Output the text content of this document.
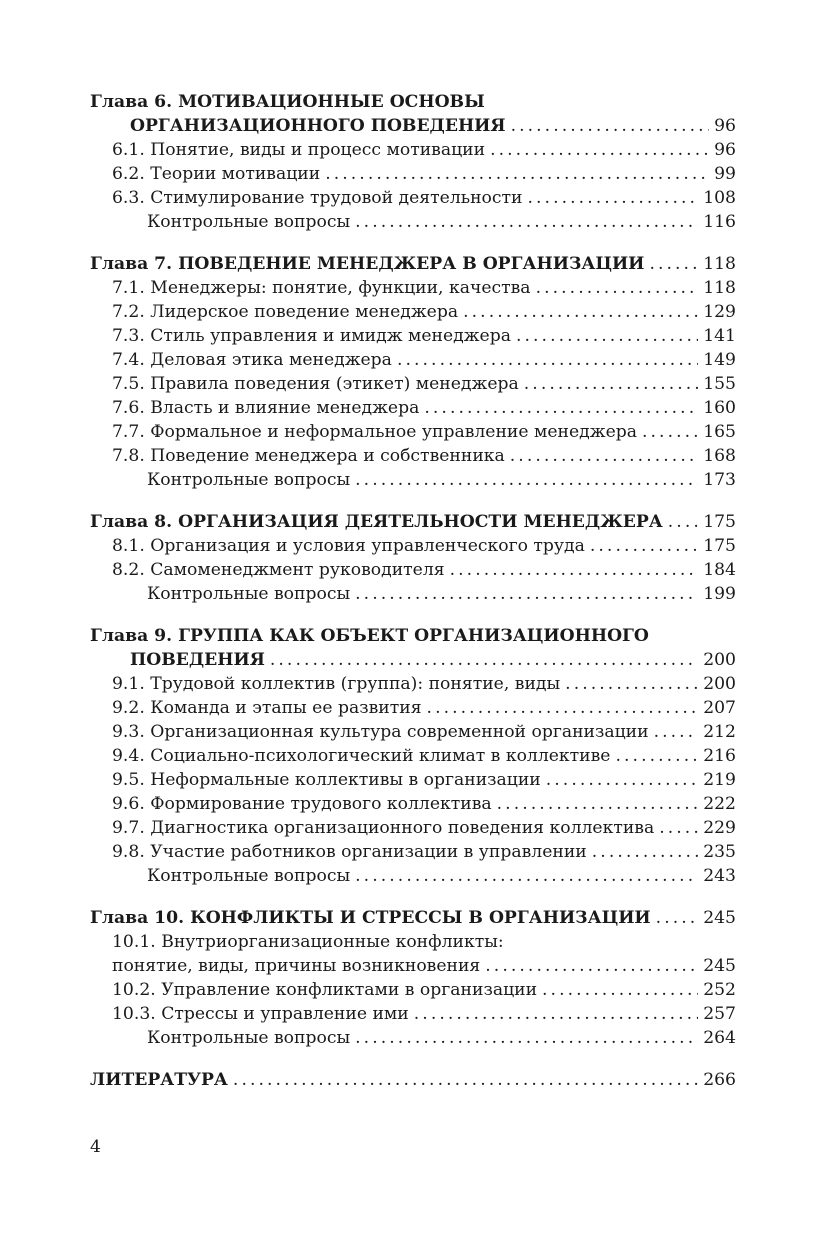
Глава 6. МОТИВАЦИОННЫЕ ОСНОВЫ
ОРГАНИЗАЦИОННОГО ПОВЕДЕНИЯ . . .	96
6.1. Понятие, виды и процесс мотивации . . .	96
6.2. Теории мотивации . . .	99
6.3. Стимулирование трудовой деятельности . . .	108
Контрольные вопросы . . .	116
Глава 7. ПОВЕДЕНИЕ МЕНЕДЖЕРА В ОРГАНИЗАЦИИ . . .	118
7.1. Менеджеры: понятие, функции, качества . . .	118
7.2. Лидерское поведение менеджера . . .	129
7.3. Стиль управления и имидж менеджера . . .	141
7.4. Деловая этика менеджера . . .	149
7.5. Правила поведения (этикет) менеджера . . .	155
7.6. Власть и влияние менеджера . . .	160
7.7. Формальное и неформальное управление менеджера . . .	165
7.8. Поведение менеджера и собственника . . .	168
Контрольные вопросы . . .	173
Глава 8. ОРГАНИЗАЦИЯ ДЕЯТЕЛЬНОСТИ МЕНЕДЖЕРА . . . 175
8.1. Организация и условия управленческого труда . . .	175
8.2. Самоменеджмент руководителя . . .	184
Контрольные вопросы . . .	199
Глава 9. ГРУППА КАК ОБЪЕКТ ОРГАНИЗАЦИОННОГО
ПОВЕДЕНИЯ . . .	200
9.1. Трудовой коллектив (группа): понятие, виды . . .	200
9.2. Команда и этапы ее развития . . .	207
9.3. Организационная культура современной организации . . .	212
9.4. Социально-психологический климат в коллективе . . .	216
9.5. Неформальные коллективы в организации . . .	219
9.6. Формирование трудового коллектива . . .	222
9.7. Диагностика организационного поведения коллектива . . .	229
9.8. Участие работников организации в управлении . . .	235
Контрольные вопросы . . .	243
Глава 10. КОНФЛИКТЫ И СТРЕССЫ В ОРГАНИЗАЦИИ . . .	245
10.1. Внутриорганизационные конфликты:
понятие, виды, причины возникновения . . .	245
10.2. Управление конфликтами в организации . . .	252
10.3. Стрессы и управление ими . . .	257
Контрольные вопросы . . .	264
ЛИТЕРАТУРА . . .	266
4
